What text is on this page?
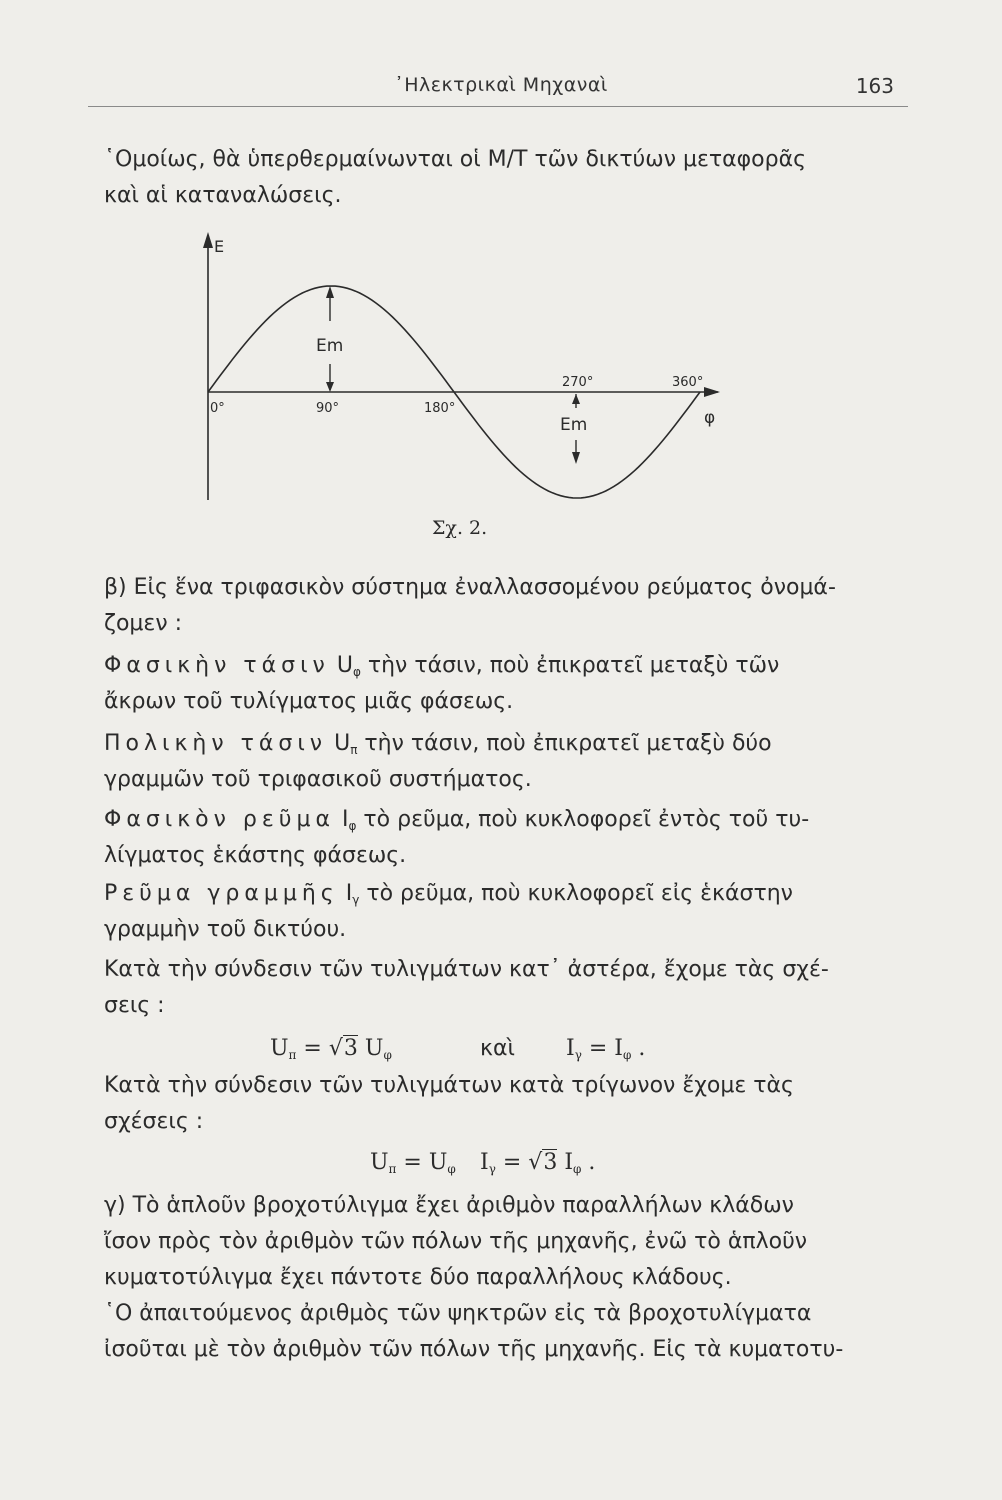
᾿Ηλεκτρικαὶ Μηχαναὶ	163
῾Ομοίως, θὰ ὑπερθερμαίνωνται οἱ Μ/Τ τῶν δικτύων μεταφορᾶς
καὶ αἱ καταναλώσεις.
E
φ
Em
Em
0°	90°	180°
270°	360°
Σχ. 2.
β) Εἰς ἕνα τριφασικὸν σύστημα ἐναλλασσομένου ρεύματος ὀνομά-
ζομεν :
Φασικὴν τάσιν $U_\varphi$ τὴν τάσιν, ποὺ ἐπικρατεῖ μεταξὺ τῶν
ἄκρων τοῦ τυλίγματος μιᾶς φάσεως.
Πολικὴν τάσιν $U_\pi$ τὴν τάσιν, ποὺ ἐπικρατεῖ μεταξὺ δύο
γραμμῶν τοῦ τριφασικοῦ συστήματος.
Φασικὸν ρεῦμα $I_\varphi$ τὸ ρεῦμα, ποὺ κυκλοφορεῖ ἐντὸς τοῦ τυ-
λίγματος ἑκάστης φάσεως.
Ρεῦμα γραμμῆς $I_\gamma$ τὸ ρεῦμα, ποὺ κυκλοφορεῖ εἰς ἑκάστην
γραμμὴν τοῦ δικτύου.
Κατὰ τὴν σύνδεσιν τῶν τυλιγμάτων κατ᾿ ἀστέρα, ἔχομε τὰς σχέ-
σεις :
$U_\pi = √3$ $U_\varphi$	καὶ $I_\gamma = I_\varphi$ .
Κατὰ τὴν σύνδεσιν τῶν τυλιγμάτων κατὰ τρίγωνον ἔχομε τὰς
σχέσεις :
$U_\pi = U_\varphi$ $I_\gamma = √3$ $I_\varphi$ .
γ) Τὸ ἁπλοῦν βροχοτύλιγμα ἔχει ἀριθμὸν παραλλήλων κλάδων
ἴσον πρὸς τὸν ἀριθμὸν τῶν πόλων τῆς μηχανῆς, ἐνῶ τὸ ἁπλοῦν
κυματοτύλιγμα ἔχει πάντοτε δύο παραλλήλους κλάδους.
῾Ο ἀπαιτούμενος ἀριθμὸς τῶν ψηκτρῶν εἰς τὰ βροχοτυλίγματα
ἰσοῦται μὲ τὸν ἀριθμὸν τῶν πόλων τῆς μηχανῆς. Εἰς τὰ κυματοτυ-
